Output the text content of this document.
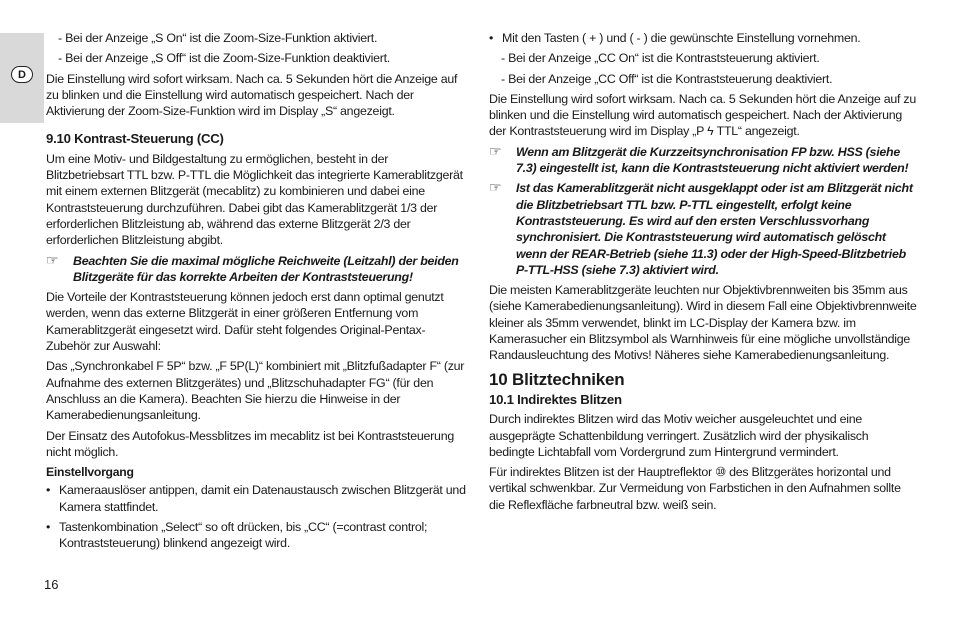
D

- Bei der Anzeige „S On“ ist die Zoom-Size-Funktion aktiviert.

- Bei der Anzeige „S Off“ ist die Zoom-Size-Funktion deaktiviert.

Die Einstellung wird sofort wirksam. Nach ca. 5 Sekunden hört die Anzeige auf zu blinken und die Einstellung wird automatisch gespeichert. Nach der Aktivierung der Zoom-Size-Funktion wird im Display „S“ angezeigt.

9.10 Kontrast-Steuerung (CC)

Um eine Motiv- und Bildgestaltung zu ermöglichen, besteht in der Blitzbetriebsart TTL bzw. P-TTL die Möglichkeit das integrierte Kamerablitzgerät mit einem externen Blitzgerät (mecablitz) zu kombinieren und dabei eine Kontraststeuerung durchzuführen. Dabei gibt das Kamerablitzgerät 1/3 der erforderlichen Blitzleistung ab, während das externe Blitzgerät 2/3 der erforderlichen Blitzleistung abgibt.

☞ Beachten Sie die maximal mögliche Reichweite (Leitzahl) der beiden Blitzgeräte für das korrekte Arbeiten der Kontraststeuerung!

Die Vorteile der Kontraststeuerung können jedoch erst dann optimal genutzt werden, wenn das externe Blitzgerät in einer größeren Entfernung vom Kamerablitzgerät eingesetzt wird. Dafür steht folgendes Original-Pentax-Zubehör zur Auswahl:

Das „Synchronkabel F 5P“ bzw. „F 5P(L)“ kombiniert mit „Blitzfußadapter F“ (zur Aufnahme des externen Blitzgerätes) und „Blitzschuhadapter FG“ (für den Anschluss an die Kamera). Beachten Sie hierzu die Hinweise in der Kamerabedienungsanleitung.

Der Einsatz des Autofokus-Messblitzes im mecablitz ist bei Kontraststeuerung nicht möglich.

Einstellvorgang

• Kameraauslöser antippen, damit ein Datenaustausch zwischen Blitzgerät und Kamera stattfindet.

• Tastenkombination „Select“ so oft drücken, bis „CC“ (=contrast control; Kontraststeuerung) blinkend angezeigt wird.

• Mit den Tasten ( + ) und ( - ) die gewünschte Einstellung vornehmen.

- Bei der Anzeige „CC On“ ist die Kontraststeuerung aktiviert.

- Bei der Anzeige „CC Off“ ist die Kontraststeuerung deaktiviert.

Die Einstellung wird sofort wirksam. Nach ca. 5 Sekunden hört die Anzeige auf zu blinken und die Einstellung wird automatisch gespeichert. Nach der Aktivierung der Kontraststeuerung wird im Display „P ϟ TTL“ angezeigt.

☞ Wenn am Blitzgerät die Kurzzeitsynchronisation FP bzw. HSS (siehe 7.3) eingestellt ist, kann die Kontraststeuerung nicht aktiviert werden!

☞ Ist das Kamerablitzgerät nicht ausgeklappt oder ist am Blitzgerät nicht die Blitzbetriebsart TTL bzw. P-TTL eingestellt, erfolgt keine Kontraststeuerung. Es wird auf den ersten Verschlussvorhang synchronisiert. Die Kontraststeuerung wird automatisch gelöscht wenn der REAR-Betrieb (siehe 11.3) oder der High-Speed-Blitzbetrieb P-TTL-HSS (siehe 7.3) aktiviert wird.

Die meisten Kamerablitzgeräte leuchten nur Objektivbrennweiten bis 35mm aus (siehe Kamerabedienungsanleitung). Wird in diesem Fall eine Objektivbrennweite kleiner als 35mm verwendet, blinkt im LC-Display der Kamera bzw. im Kamerasucher ein Blitzsymbol als Warnhinweis für eine mögliche unvollständige Randausleuchtung des Motivs! Näheres siehe Kamerabedienungsanleitung.

10 Blitztechniken
10.1 Indirektes Blitzen

Durch indirektes Blitzen wird das Motiv weicher ausgeleuchtet und eine ausgeprägte Schattenbildung verringert. Zusätzlich wird der physikalisch bedingte Lichtabfall vom Vordergrund zum Hintergrund vermindert.

Für indirektes Blitzen ist der Hauptreflektor ⑩ des Blitzgerätes horizontal und vertikal schwenkbar. Zur Vermeidung von Farbstichen in den Aufnahmen sollte die Reflexfläche farbneutral bzw. weiß sein.

16
